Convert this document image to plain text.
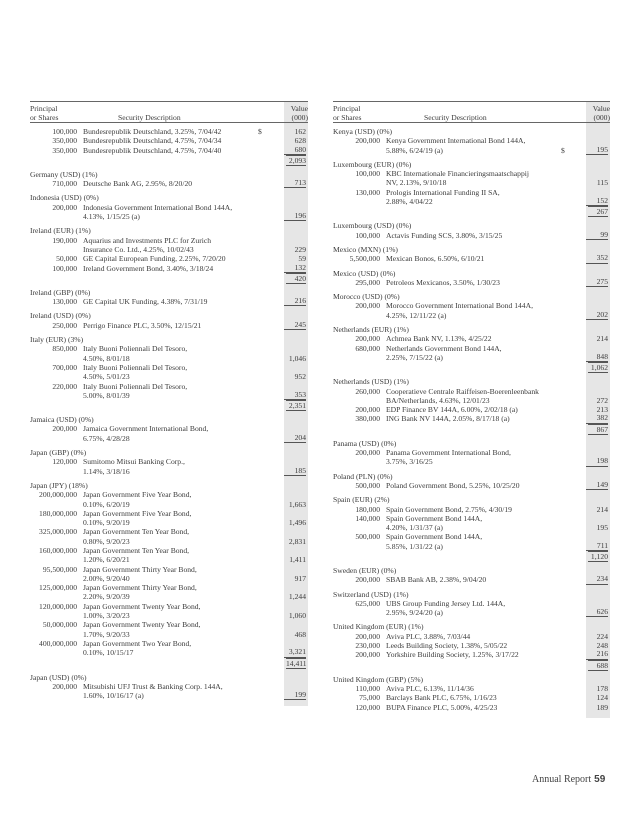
Principal
or Shares	Security Description
Value
(000)
100,000 Bundesrepublik Deutschland, 3.25%, 7/04/42	$	162
350,000 Bundesrepublik Deutschland, 4.75%, 7/04/34	628
350,000 Bundesrepublik Deutschland, 4.75%, 7/04/40	680
2,093
Germany (USD) (1%)
710,000 Deutsche Bank AG, 2.95%, 8/20/20	713
Indonesia (USD) (0%)
200,000 Indonesia Government International Bond 144A,
4.13%, 1/15/25 (a)	196
Ireland (EUR) (1%)
190,000 Aquarius and Investments PLC for Zurich
Insurance Co. Ltd., 4.25%, 10/02/43	229
50,000 GE Capital European Funding, 2.25%, 7/20/20	59
100,000 Ireland Government Bond, 3.40%, 3/18/24	132
420
Ireland (GBP) (0%)
130,000 GE Capital UK Funding, 4.38%, 7/31/19	216
Ireland (USD) (0%)
250,000 Perrigo Finance PLC, 3.50%, 12/15/21	245
Italy (EUR) (3%)
850,000 Italy Buoni Poliennali Del Tesoro,
4.50%, 8/01/18	1,046
700,000 Italy Buoni Poliennali Del Tesoro,
4.50%, 5/01/23	952
220,000 Italy Buoni Poliennali Del Tesoro,
5.00%, 8/01/39	353
2,351
Jamaica (USD) (0%)
200,000 Jamaica Government International Bond,
6.75%, 4/28/28	204
Japan (GBP) (0%)
120,000 Sumitomo Mitsui Banking Corp.,
1.14%, 3/18/16	185
Japan (JPY) (18%)
200,000,000 Japan Government Five Year Bond,
0.10%, 6/20/19	1,663
180,000,000 Japan Government Five Year Bond,
0.10%, 9/20/19	1,496
325,000,000 Japan Government Ten Year Bond,
0.80%, 9/20/23	2,831
160,000,000 Japan Government Ten Year Bond,
1.20%, 6/20/21	1,411
95,500,000 Japan Government Thirty Year Bond,
2.00%, 9/20/40	917
125,000,000 Japan Government Thirty Year Bond,
2.20%, 9/20/39	1,244
120,000,000 Japan Government Twenty Year Bond,
1.00%, 3/20/23	1,060
50,000,000 Japan Government Twenty Year Bond,
1.70%, 9/20/33	468
400,000,000 Japan Government Two Year Bond,
0.10%, 10/15/17	3,321
14,411
Japan (USD) (0%)
200,000 Mitsubishi UFJ Trust & Banking Corp. 144A,
1.60%, 10/16/17 (a)	199
Principal
or Shares	Security Description
Value
(000)
Kenya (USD) (0%)
200,000 Kenya Government International Bond 144A,
5.88%, 6/24/19 (a)	$	195
Luxembourg (EUR) (0%)
100,000 KBC Internationale Financieringsmaatschappij
NV, 2.13%, 9/10/18	115
130,000 Prologis International Funding II SA,
2.88%, 4/04/22	152
267
Luxembourg (USD) (0%)
100,000 Actavis Funding SCS, 3.80%, 3/15/25	99
Mexico (MXN) (1%)
5,500,000 Mexican Bonos, 6.50%, 6/10/21	352
Mexico (USD) (0%)
295,000 Petroleos Mexicanos, 3.50%, 1/30/23	275
Morocco (USD) (0%)
200,000 Morocco Government International Bond 144A,
4.25%, 12/11/22 (a)	202
Netherlands (EUR) (1%)
200,000 Achmea Bank NV, 1.13%, 4/25/22	214
680,000 Netherlands Government Bond 144A,
2.25%, 7/15/22 (a)	848
1,062
Netherlands (USD) (1%)
260,000 Cooperatieve Centrale Raiffeisen-Boerenleenbank
BA/Netherlands, 4.63%, 12/01/23	272
200,000 EDP Finance BV 144A, 6.00%, 2/02/18 (a)	213
380,000 ING Bank NV 144A, 2.05%, 8/17/18 (a)	382
867
Panama (USD) (0%)
200,000 Panama Government International Bond,
3.75%, 3/16/25	198
Poland (PLN) (0%)
500,000 Poland Government Bond, 5.25%, 10/25/20	149
Spain (EUR) (2%)
180,000 Spain Government Bond, 2.75%, 4/30/19	214
140,000 Spain Government Bond 144A,
4.20%, 1/31/37 (a)	195
500,000 Spain Government Bond 144A,
5.85%, 1/31/22 (a)	711
1,120
Sweden (EUR) (0%)
200,000 SBAB Bank AB, 2.38%, 9/04/20	234
Switzerland (USD) (1%)
625,000 UBS Group Funding Jersey Ltd. 144A,
2.95%, 9/24/20 (a)	626
United Kingdom (EUR) (1%)
200,000 Aviva PLC, 3.88%, 7/03/44	224
230,000 Leeds Building Society, 1.38%, 5/05/22	248
200,000 Yorkshire Building Society, 1.25%, 3/17/22	216
688
United Kingdom (GBP) (5%)
110,000 Aviva PLC, 6.13%, 11/14/36	178
75,000 Barclays Bank PLC, 6.75%, 1/16/23	124
120,000 BUPA Finance PLC, 5.00%, 4/25/23	189
Annual Report 59
